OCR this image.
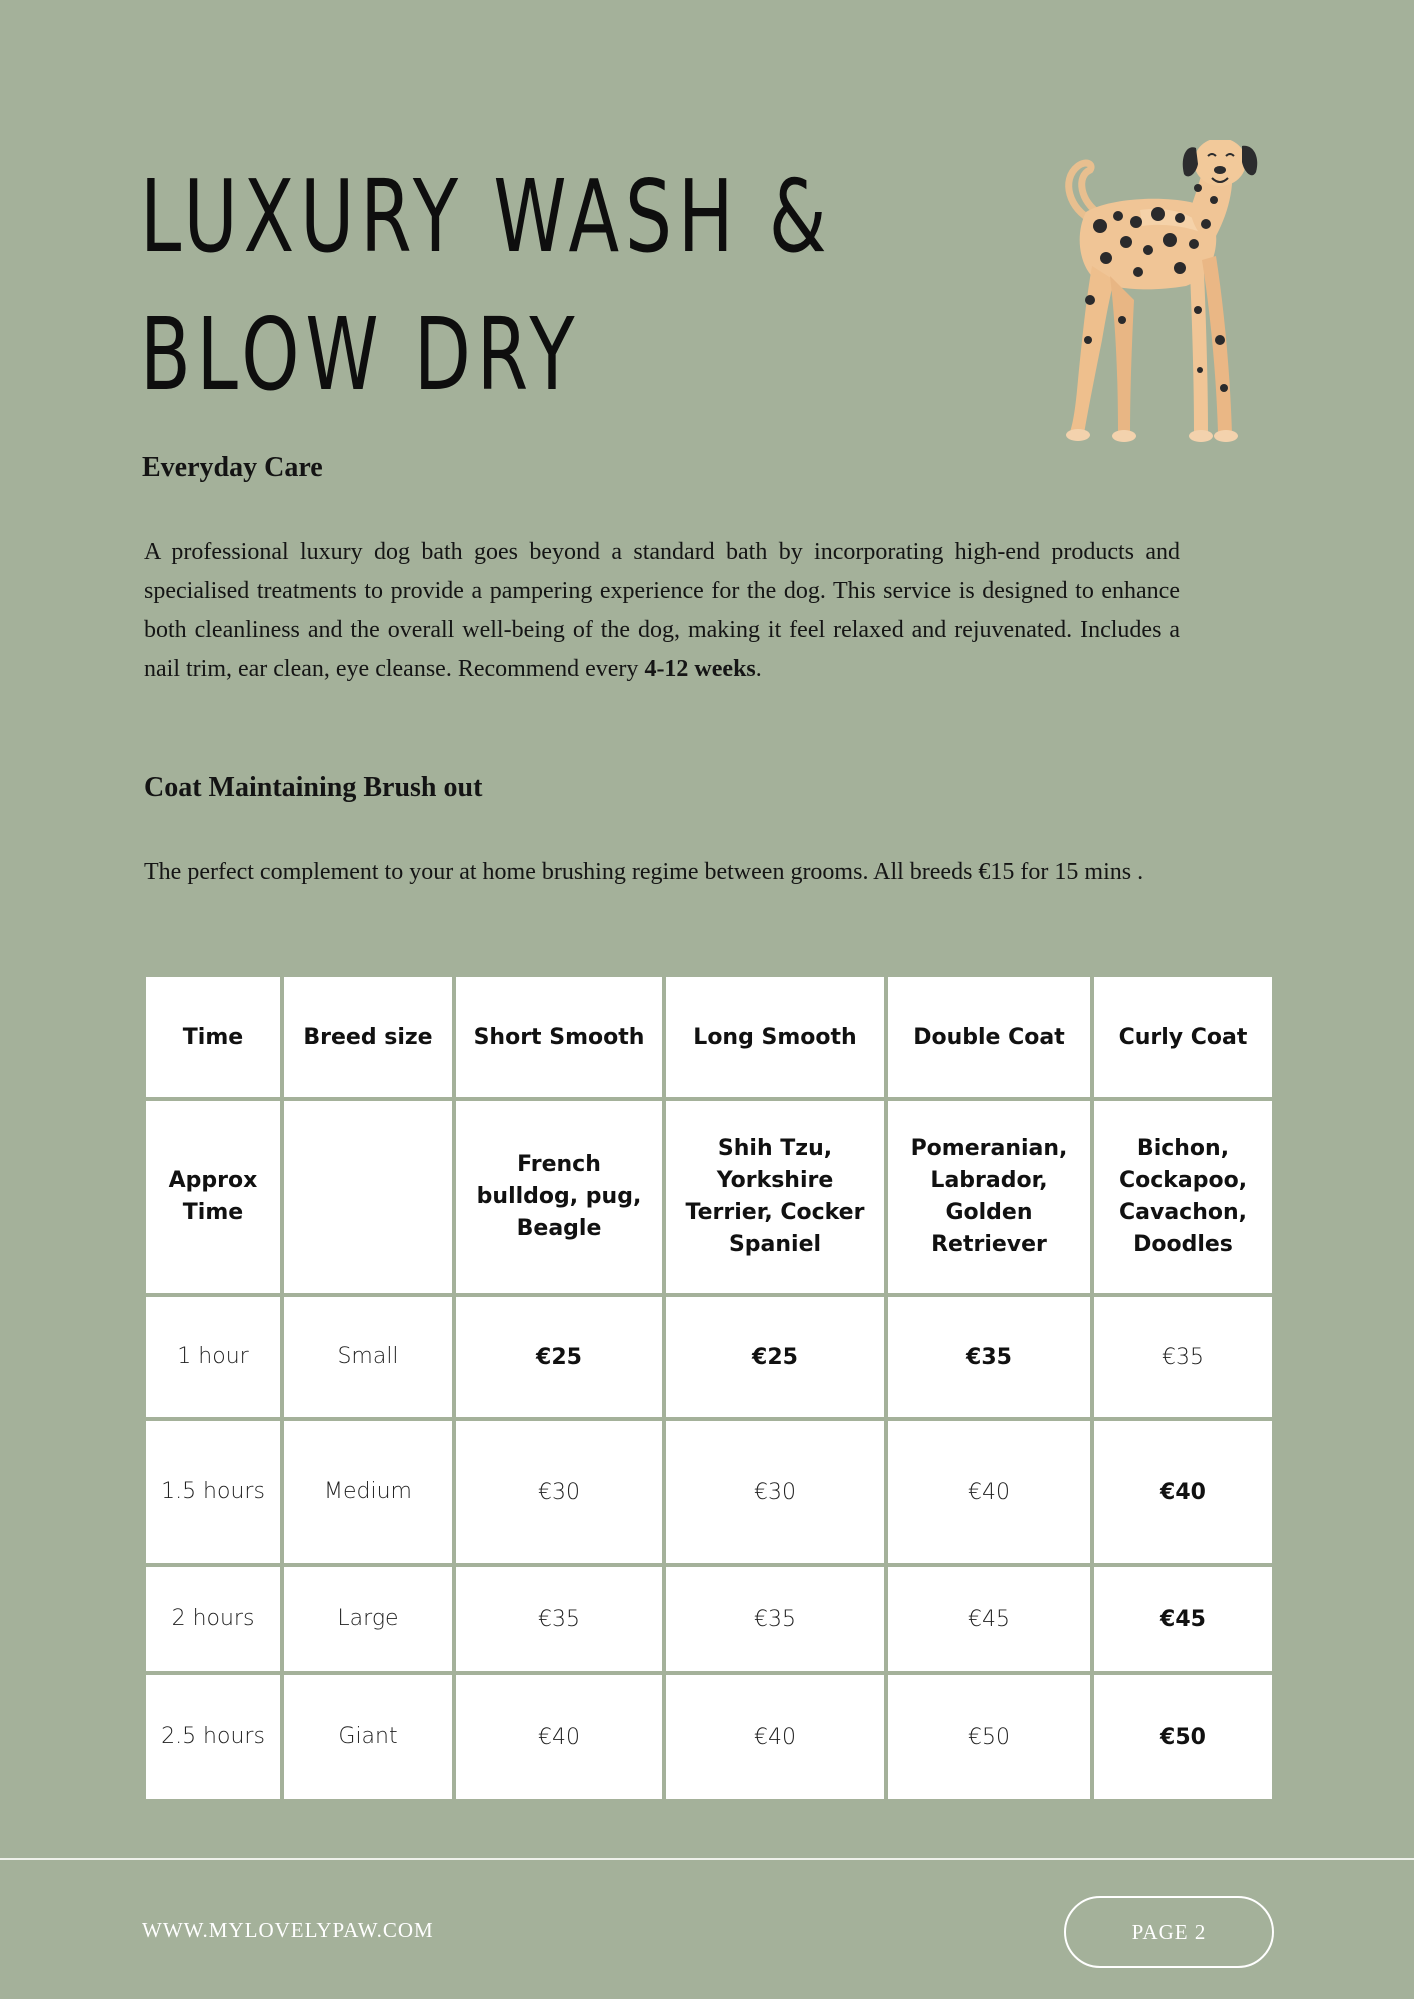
LUXURY WASH &
BLOW DRY
Everyday Care

A professional luxury dog bath goes beyond a standard bath by incorporating high-end products and specialised treatments to provide a pampering experience for the dog. This service is designed to enhance both cleanliness and the overall well-being of the dog, making it feel relaxed and rejuvenated. Includes a nail trim, ear clean, eye cleanse. Recommend every 4-12 weeks.

Coat Maintaining Brush out

The perfect complement to your at home brushing regime between grooms. All breeds €15 for 15 mins .

Time	Breed size	Short Smooth	Long Smooth	Double Coat	Curly Coat
Approx Time		French bulldog, pug, Beagle	Shih Tzu, Yorkshire Terrier, Cocker Spaniel	Pomeranian, Labrador, Golden Retriever	Bichon, Cockapoo, Cavachon, Doodles
1 hour	Small	€25	€25	€35	€35
1.5 hours	Medium	€30	€30	€40	€40
2 hours	Large	€35	€35	€45	€45
2.5 hours	Giant	€40	€40	€50	€50
WWW.MYLOVELYPAW.COM	PAGE 2
